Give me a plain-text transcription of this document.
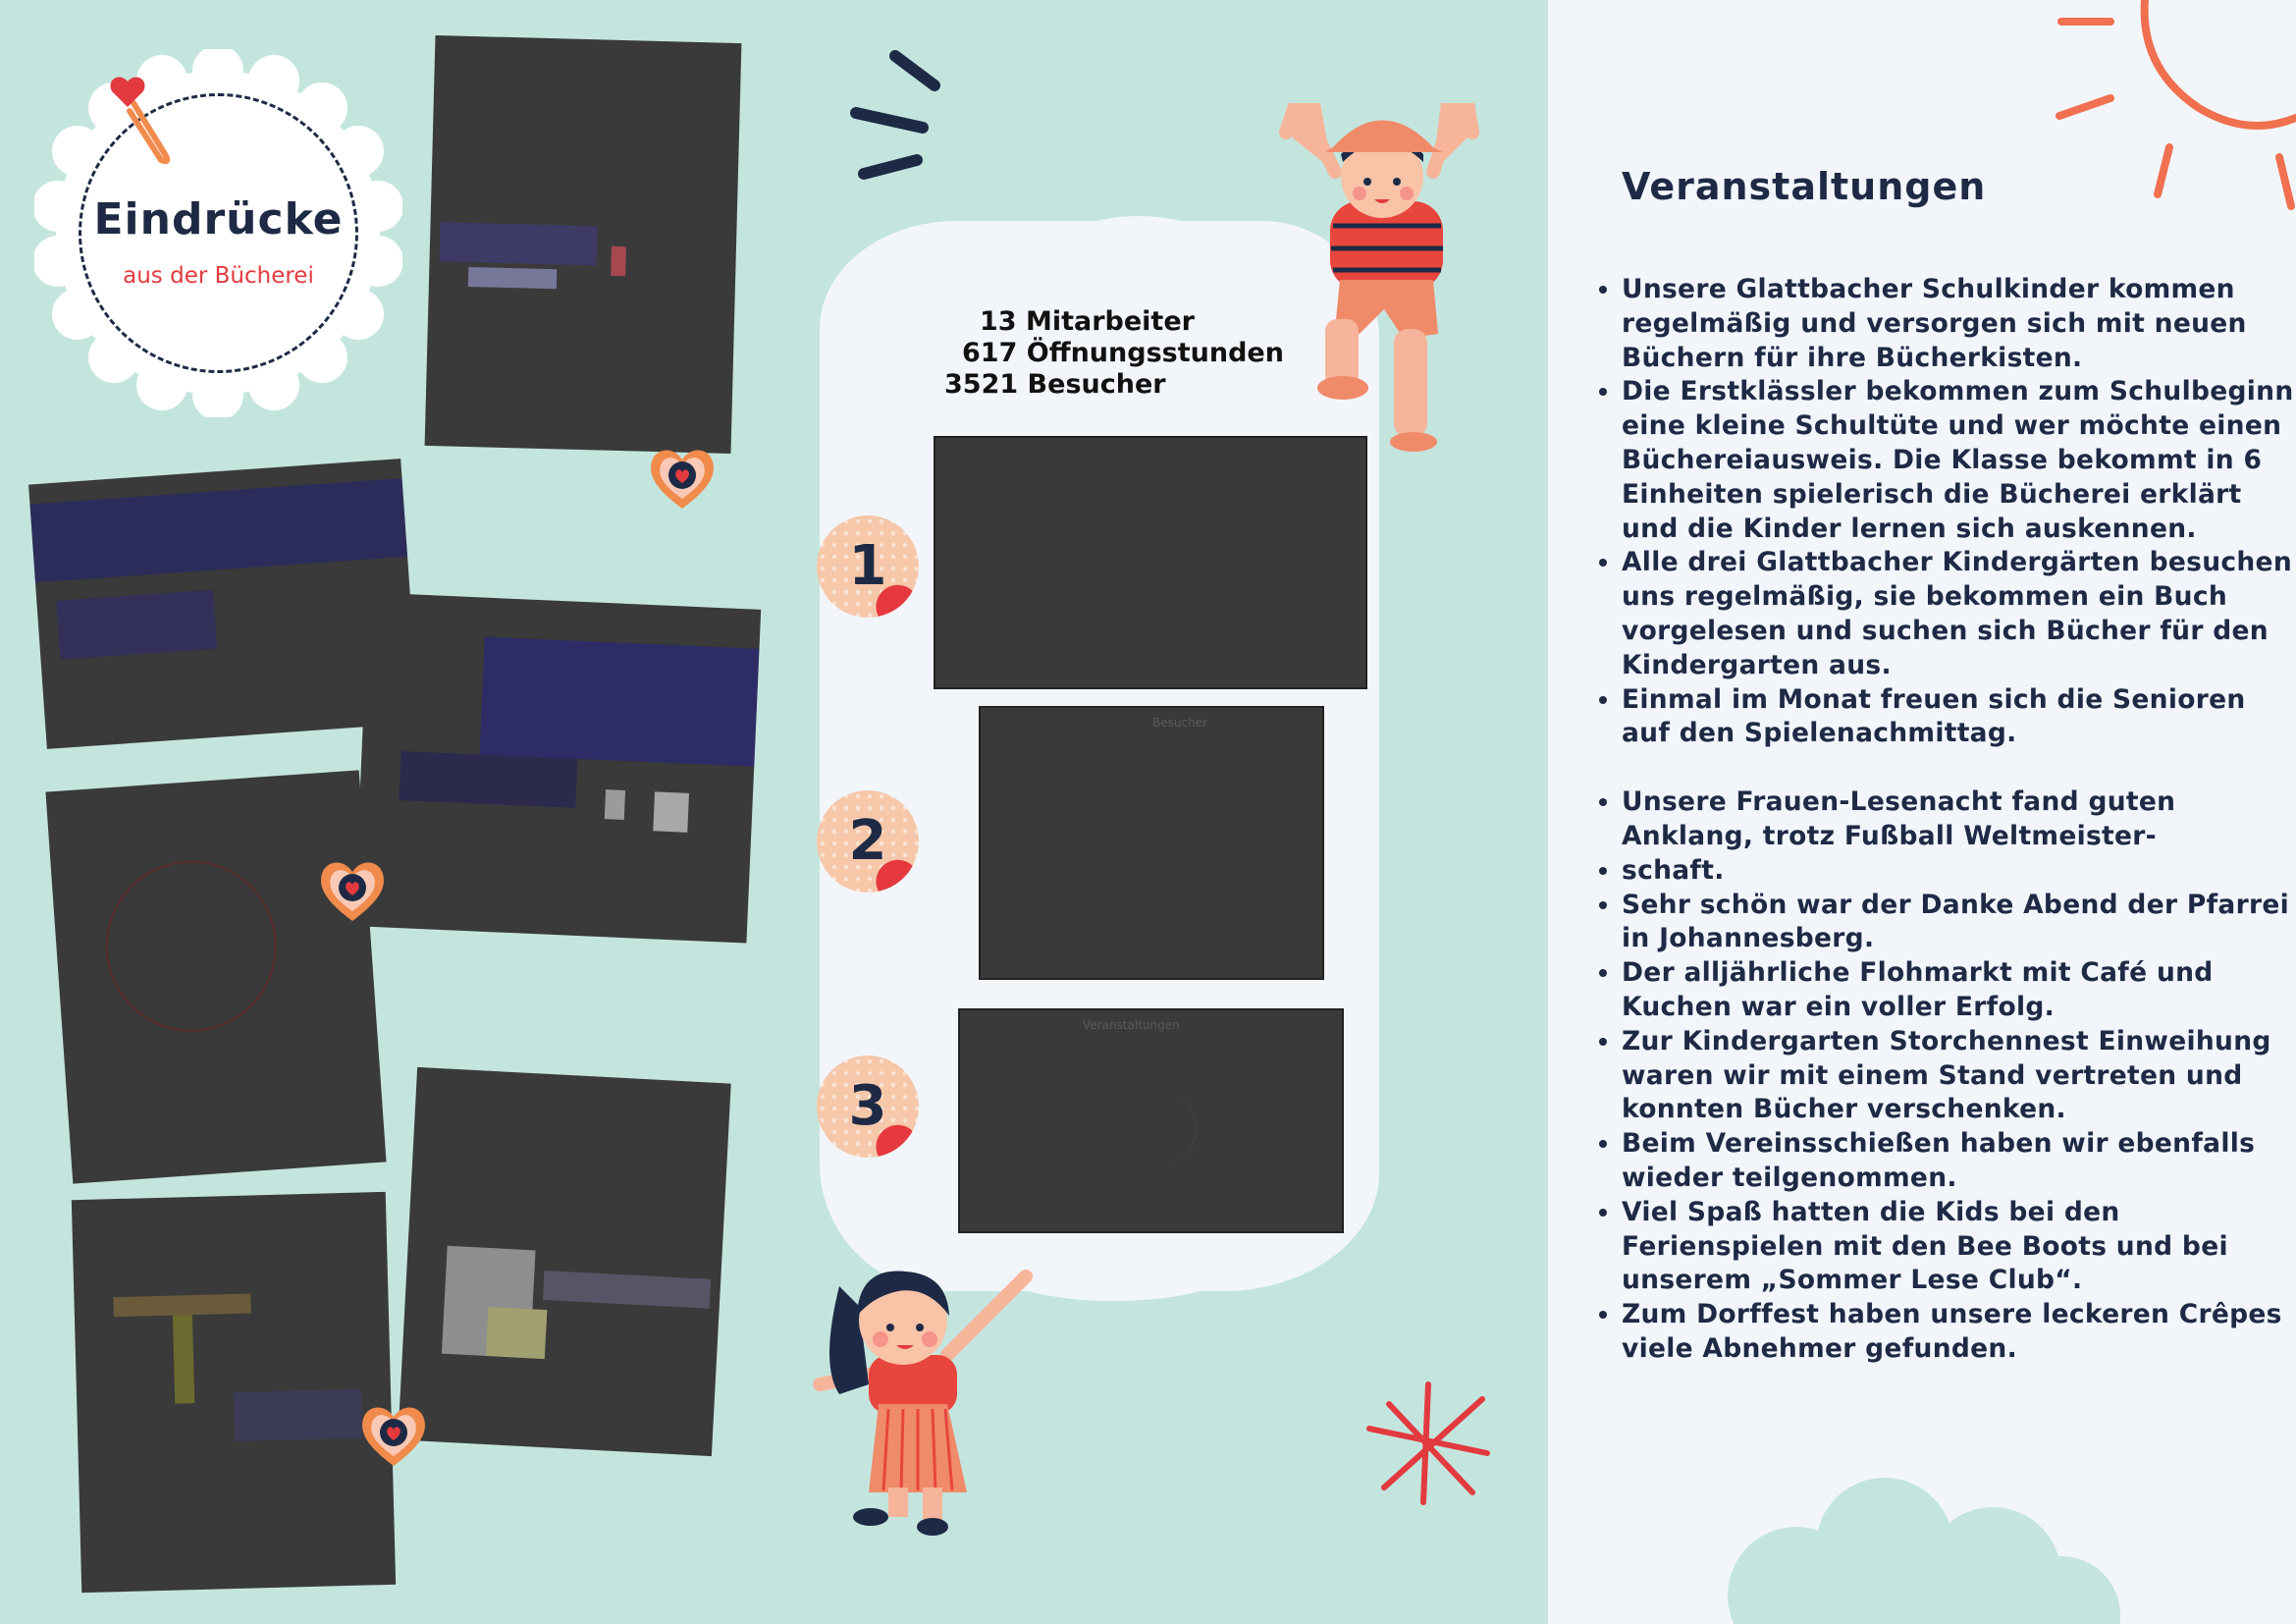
Eindrücke
aus der Bücherei
13 Mitarbeiter
617 Öffnungsstunden
3521 Besucher
1
2
3
Besucher
Veranstaltungen
Veranstaltungen
• Unsere Glattbacher Schulkinder kommen regelmäßig und versorgen sich mit neuen Büchern für ihre Bücherkisten.
• Die Erstklässler bekommen zum Schulbeginn eine kleine Schultüte und wer möchte einen Büchereiausweis. Die Klasse bekommt in 6 Einheiten spielerisch die Bücherei erklärt und die Kinder lernen sich auskennen.
• Alle drei Glattbacher Kindergärten besuchen uns regelmäßig, sie bekommen ein Buch vorgelesen und suchen sich Bücher für den Kindergarten aus.
• Einmal im Monat freuen sich die Senioren auf den Spielenachmittag.
• Unsere Frauen-Lesenacht fand guten Anklang, trotz Fußball Weltmeister-
• schaft.
• Sehr schön war der Danke Abend der Pfarrei in Johannesberg.
• Der alljährliche Flohmarkt mit Café und Kuchen war ein voller Erfolg.
• Zur Kindergarten Storchennest Einweihung waren wir mit einem Stand vertreten und konnten Bücher verschenken.
• Beim Vereinsschießen haben wir ebenfalls wieder teilgenommen.
• Viel Spaß hatten die Kids bei den Ferienspielen mit den Bee Boots und bei unserem „Sommer Lese Club“.
• Zum Dorffest haben unsere leckeren Crêpes viele Abnehmer gefunden.
